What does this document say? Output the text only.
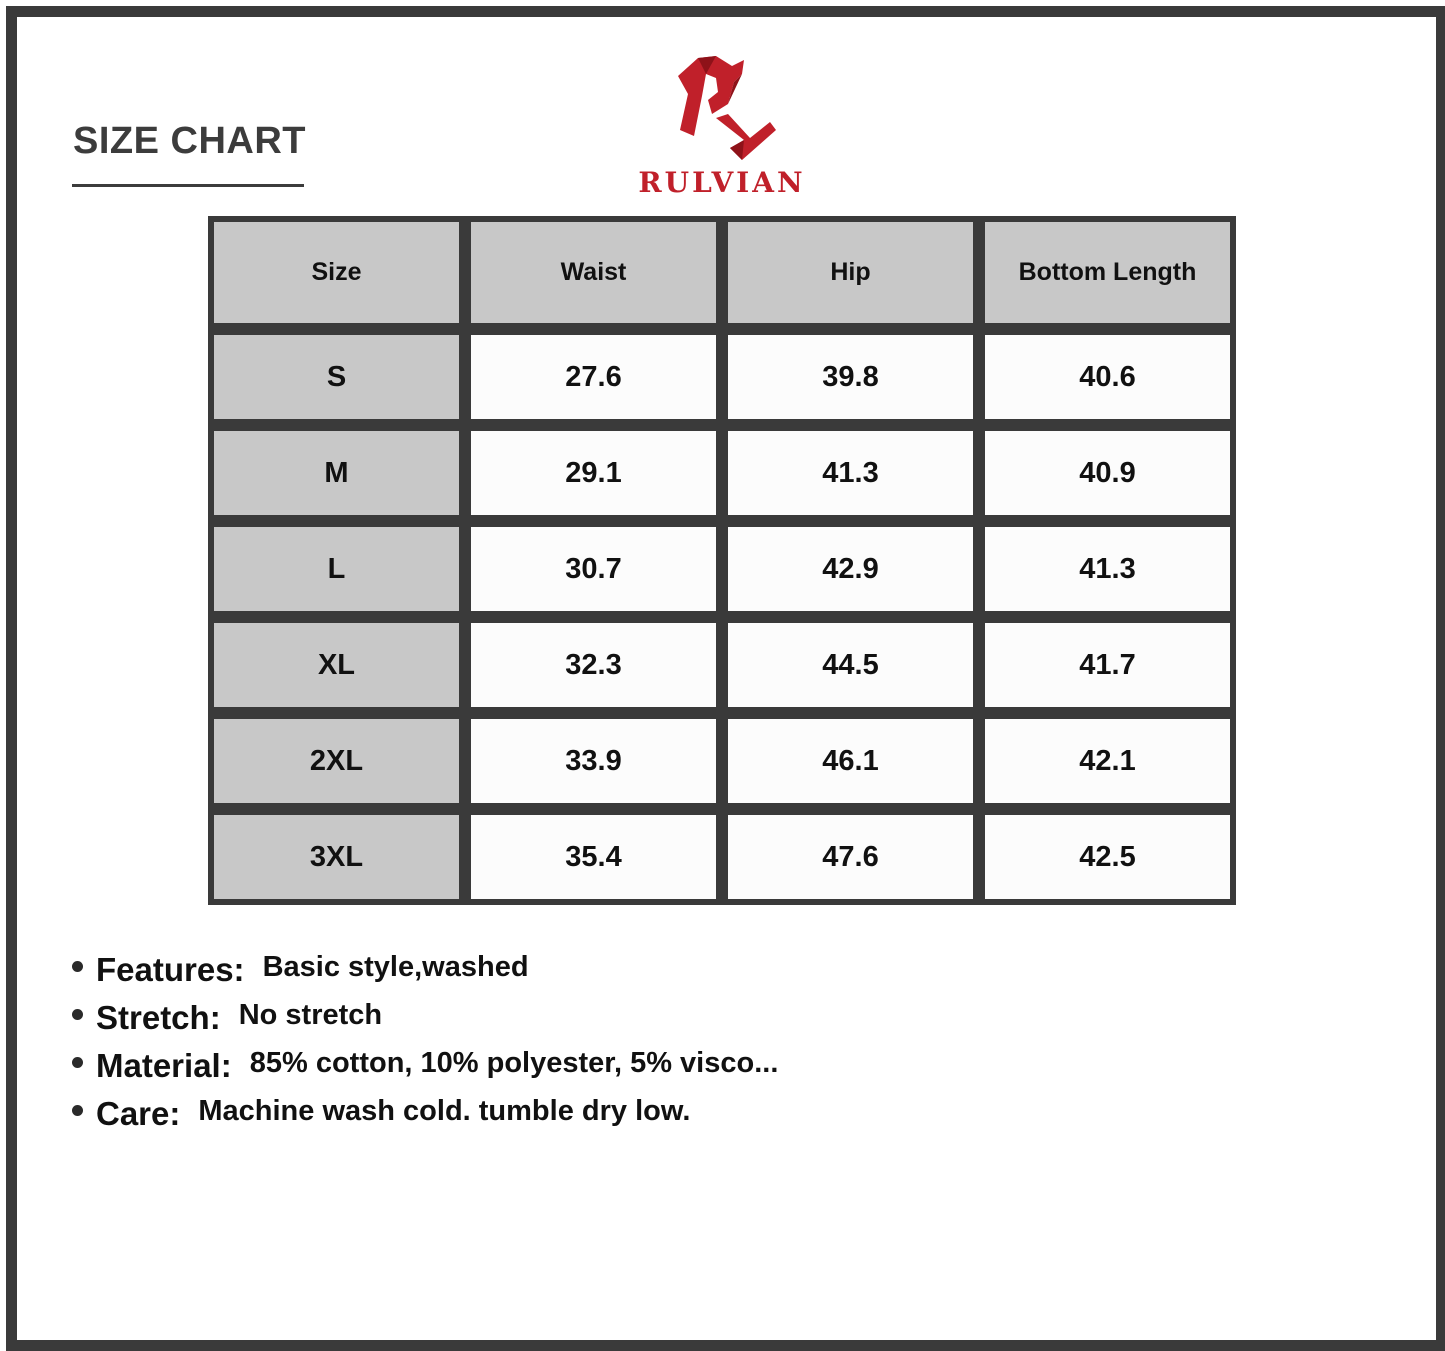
SIZE CHART
RULVIAN
Size	Waist	Hip	Bottom Length
S	27.6	39.8	40.6
M	29.1	41.3	40.9
L	30.7	42.9	41.3
XL	32.3	44.5	41.7
2XL	33.9	46.1	42.1
3XL	35.4	47.6	42.5
Features: Basic style,washed
Stretch: No stretch
Material: 85% cotton, 10% polyester, 5% visco...
Care: Machine wash cold. tumble dry low.
